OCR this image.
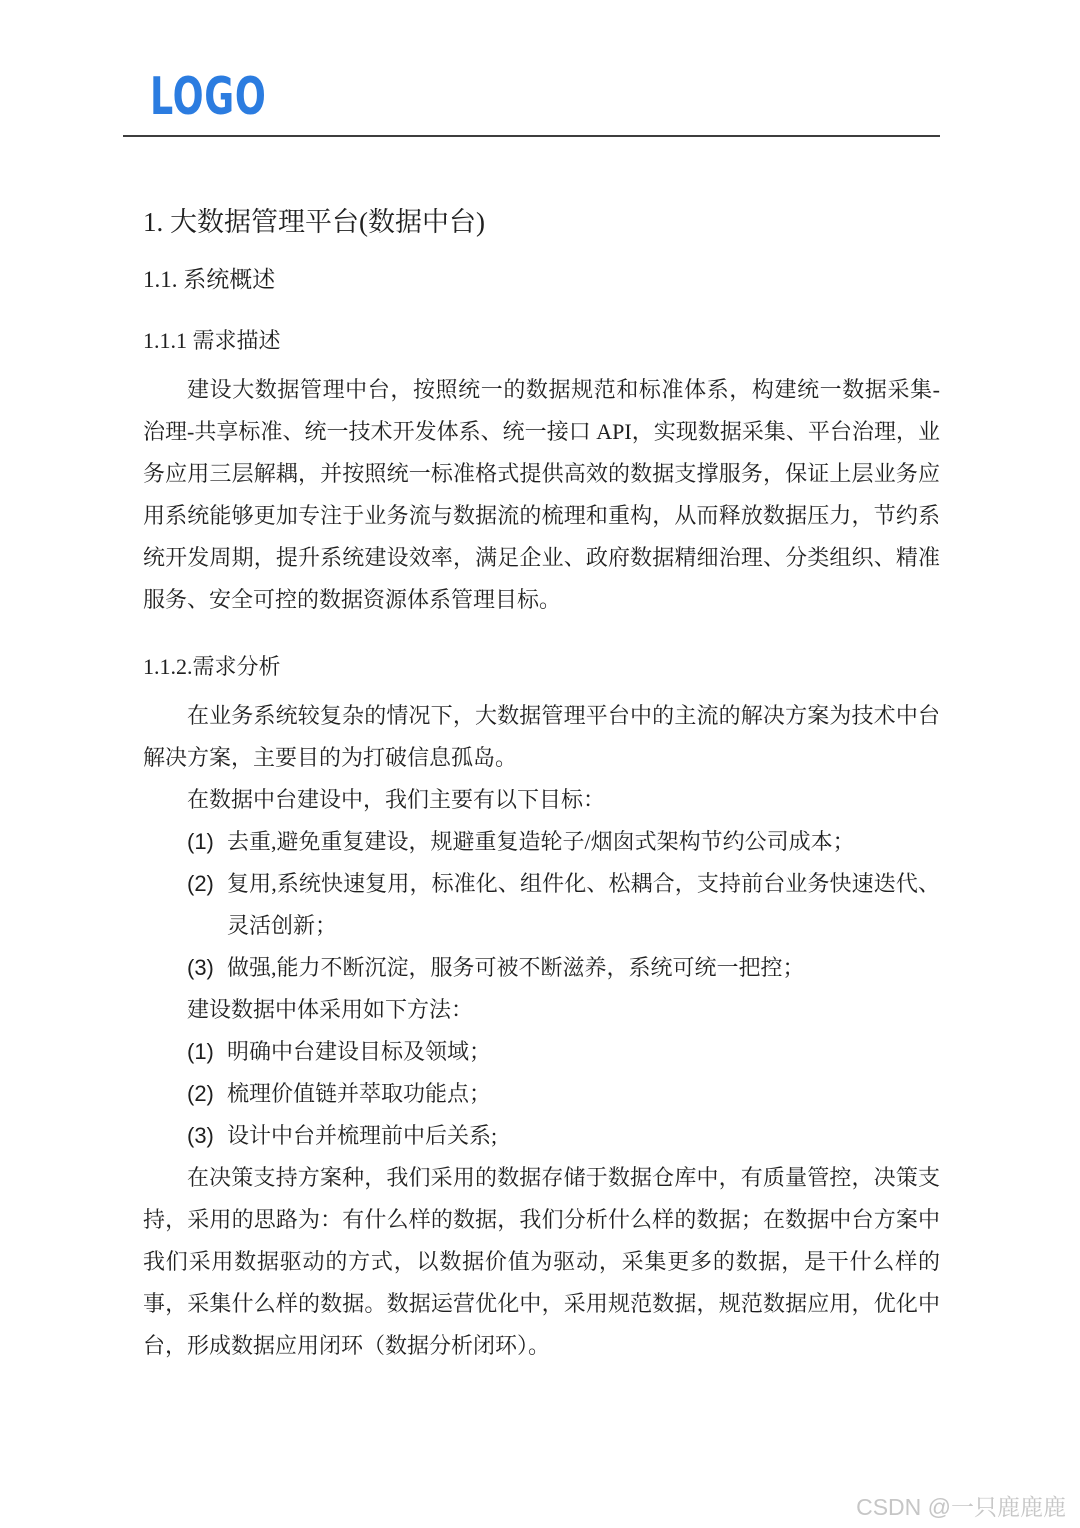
LOGO
1. 大数据管理平台(数据中台)
1.1. 系统概述
1.1.1 需求描述

建设大数据管理中台，按照统一的数据规范和标准体系，构建统一数据采集-治理-共享标准、统一技术开发体系、统一接口 API，实现数据采集、平台治理，业务应用三层解耦，并按照统一标准格式提供高效的数据支撑服务，保证上层业务应用系统能够更加专注于业务流与数据流的梳理和重构，从而释放数据压力，节约系统开发周期，提升系统建设效率，满足企业、政府数据精细治理、分类组织、精准服务、安全可控的数据资源体系管理目标。

1.1.2.需求分析

在业务系统较复杂的情况下，大数据管理平台中的主流的解决方案为技术中台解决方案，主要目的为打破信息孤岛。

在数据中台建设中，我们主要有以下目标：

(1) 去重,避免重复建设，规避重复造轮子/烟囱式架构节约公司成本；
(2) 复用,系统快速复用，标准化、组件化、松耦合，支持前台业务快速迭代、灵活创新；
(3) 做强,能力不断沉淀，服务可被不断滋养，系统可统一把控；

建设数据中体采用如下方法：

(1) 明确中台建设目标及领域；
(2) 梳理价值链并萃取功能点；
(3) 设计中台并梳理前中后关系;

在决策支持方案种，我们采用的数据存储于数据仓库中，有质量管控，决策支持，采用的思路为：有什么样的数据，我们分析什么样的数据；在数据中台方案中我们采用数据驱动的方式，以数据价值为驱动，采集更多的数据，是干什么样的事，采集什么样的数据。数据运营优化中，采用规范数据，规范数据应用，优化中台，形成数据应用闭环（数据分析闭环）。

CSDN @一只鹿鹿鹿
